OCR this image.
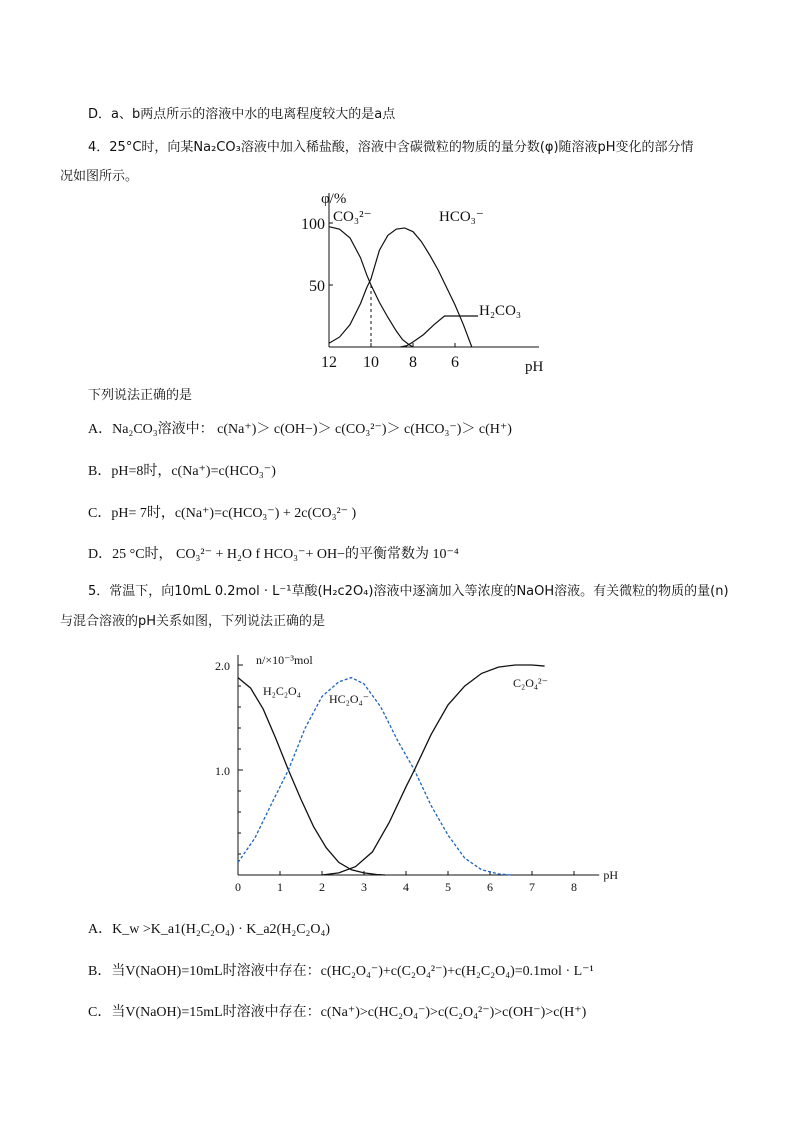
D．a、b两点所示的溶液中水的电离程度较大的是a点
4．25°C时，向某Na₂CO₃溶液中加入稀盐酸，溶液中含碳微粒的物质的量分数(φ)随溶液pH变化的部分情
况如图所示。
φ/%
pH
12 10 8 6
100
50
CO₃²⁻	HCO₃⁻
H₂CO₃
下列说法正确的是
A．Na₂CO₃溶液中： c(Na⁺)＞ c(OH−)＞ c(CO₃²⁻)＞ c(HCO₃⁻)＞ c(H⁺)
B．pH=8时，c(Na⁺)=c(HCO₃⁻)
C．pH= 7时，c(Na⁺)=c(HCO₃⁻) + 2c(CO₃²⁻ )
D．25 °C时， CO₃²⁻ + H₂O f HCO₃⁻+ OH−的平衡常数为 10⁻⁴
5．常温下，向10mL 0.2mol · L⁻¹草酸(H₂c2O₄)溶液中逐滴加入等浓度的NaOH溶液。有关微粒的物质的量(n)
与混合溶液的pH关系如图，下列说法正确的是
n/×10⁻³mol
pH
0	1	2	3	4	5	6	7	8
2.0
1.0
H₂C₂O₄
HC₂O₄⁻
C₂O₄²⁻
A．K_w >K_a1(H₂C₂O₄) · K_a2(H₂C₂O₄)
B．当V(NaOH)=10mL时溶液中存在：c(HC₂O₄⁻)+c(C₂O₄²⁻)+c(H₂C₂O₄)=0.1mol · L⁻¹
C．当V(NaOH)=15mL时溶液中存在：c(Na⁺)>c(HC₂O₄⁻)>c(C₂O₄²⁻)>c(OH⁻)>c(H⁺)
